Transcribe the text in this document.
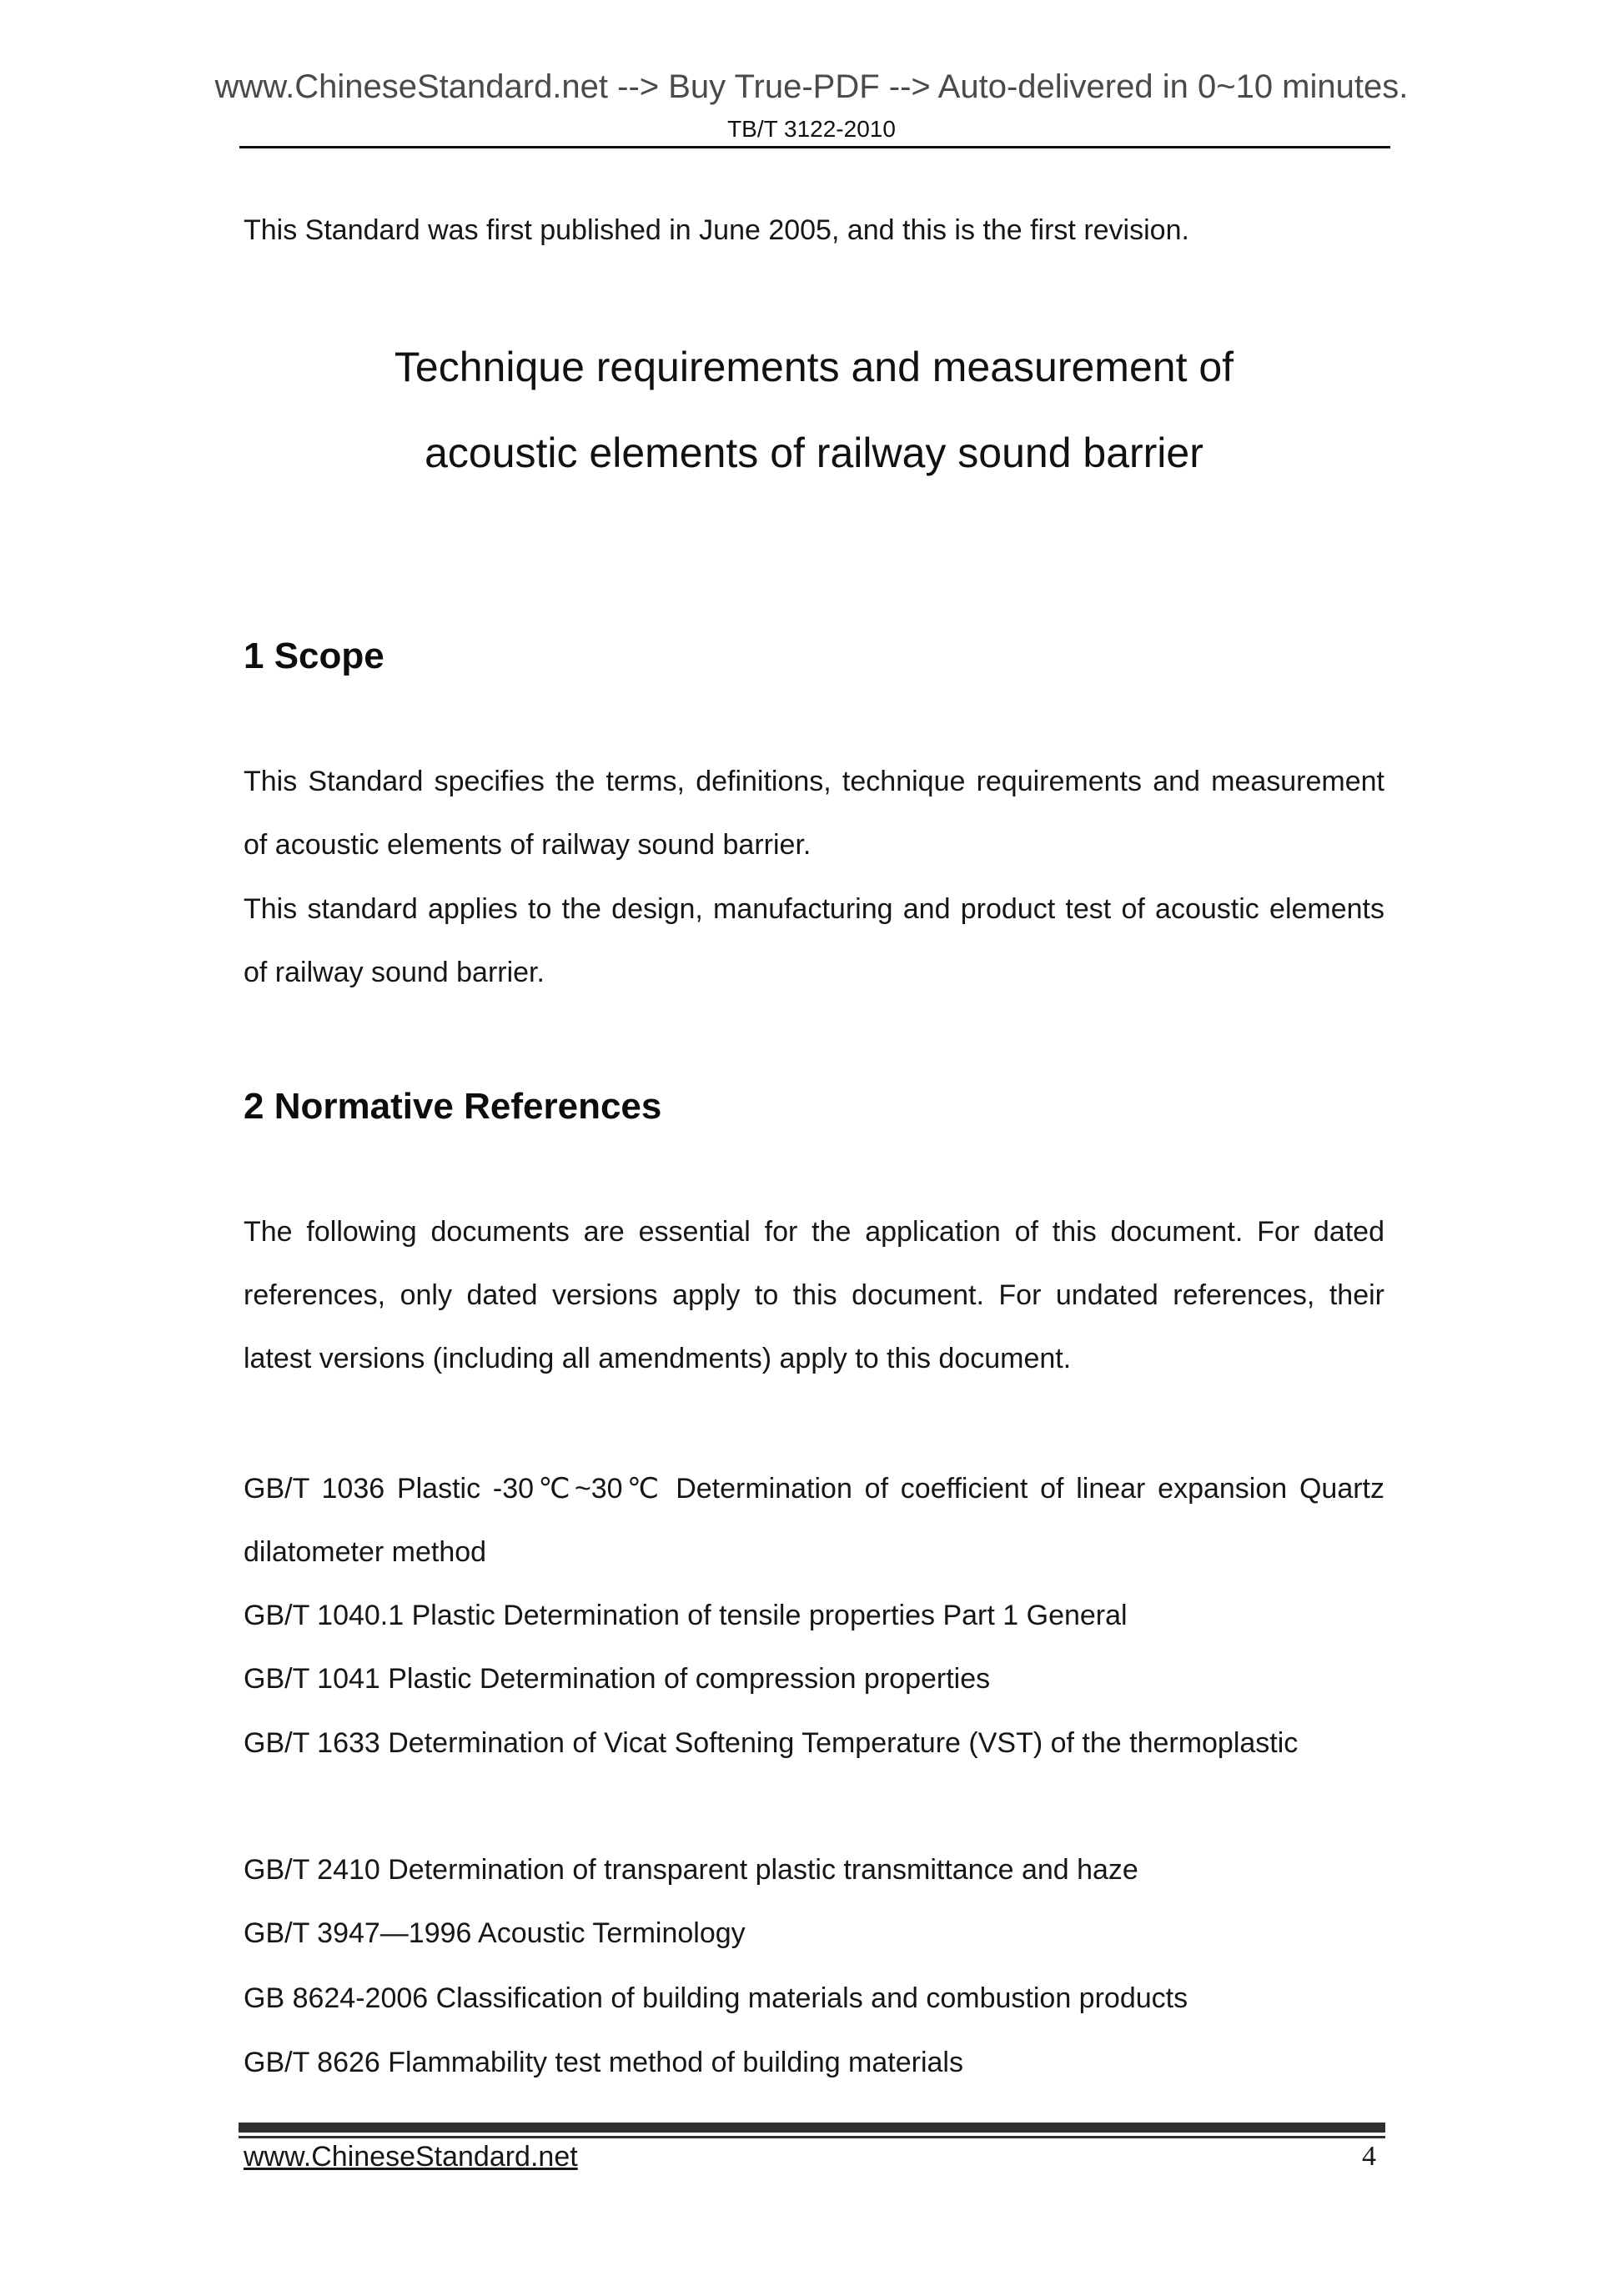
www.ChineseStandard.net --> Buy True-PDF --> Auto-delivered in 0~10 minutes.
TB/T 3122-2010
This Standard was first published in June 2005, and this is the first revision.
Technique requirements and measurement of
acoustic elements of railway sound barrier
1 Scope
This Standard specifies the terms, definitions, technique requirements and measurement of acoustic elements of railway sound barrier.
This standard applies to the design, manufacturing and product test of acoustic elements of railway sound barrier.
2 Normative References
The following documents are essential for the application of this document. For dated references, only dated versions apply to this document. For undated references, their latest versions (including all amendments) apply to this document.
GB/T 1036 Plastic -30℃~30℃ Determination of coefficient of linear expansion Quartz dilatometer method
GB/T 1040.1 Plastic Determination of tensile properties Part 1 General
GB/T 1041 Plastic Determination of compression properties
GB/T 1633 Determination of Vicat Softening Temperature (VST) of the thermoplastic
GB/T 2410 Determination of transparent plastic transmittance and haze
GB/T 3947—1996 Acoustic Terminology
GB 8624-2006 Classification of building materials and combustion products
GB/T 8626 Flammability test method of building materials
www.ChineseStandard.net	4
